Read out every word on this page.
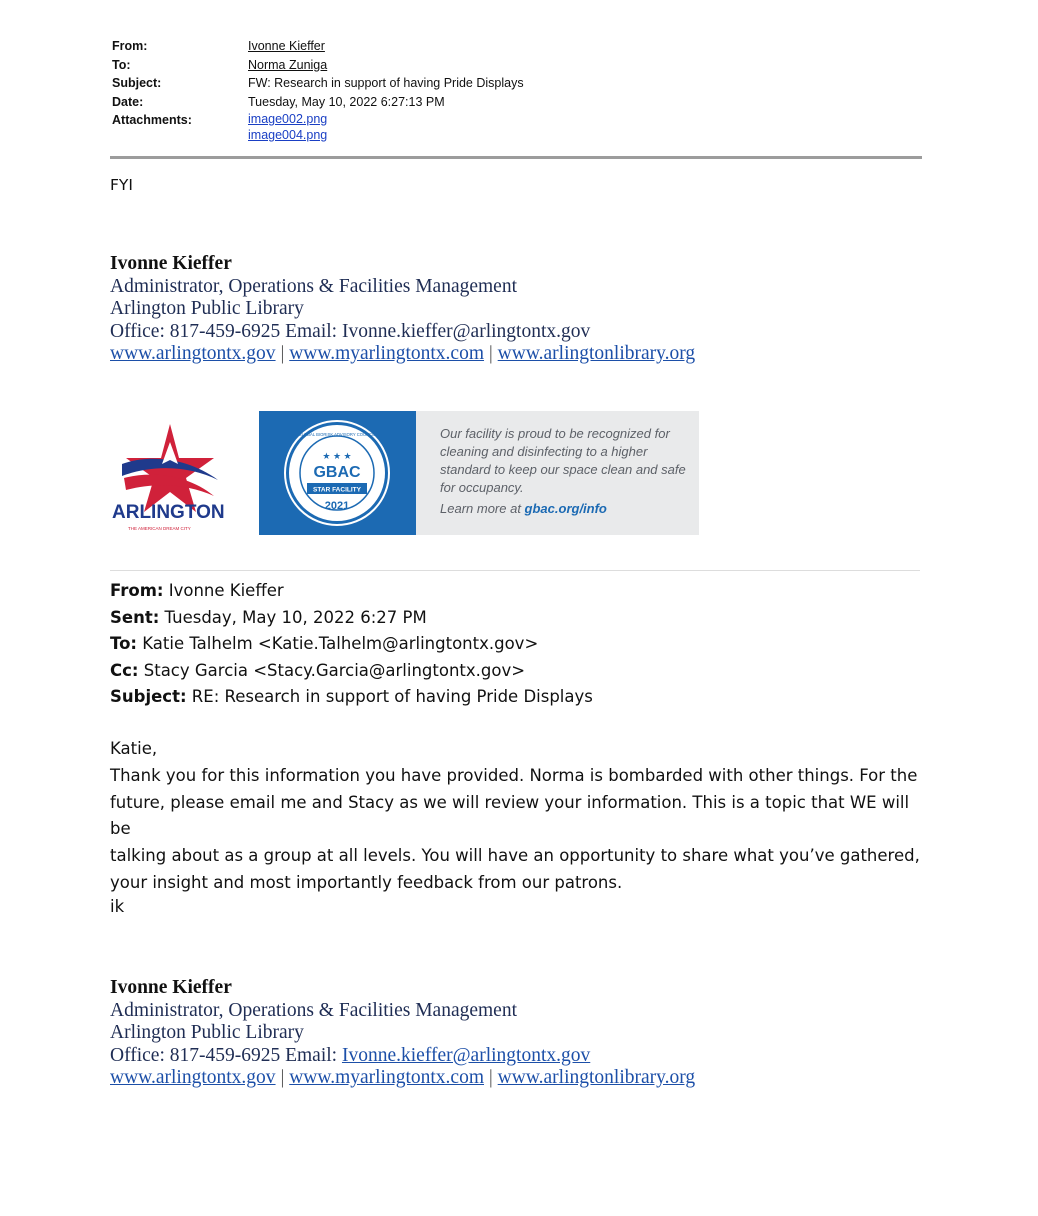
From:	Ivonne Kieffer
To:	Norma Zuniga
Subject:	FW: Research in support of having Pride Displays
Date:	Tuesday, May 10, 2022 6:27:13 PM
Attachments:	image002.png
image004.png
FYI
Ivonne Kieffer
Administrator, Operations & Facilities Management
Arlington Public Library
Office: 817-459-6925 Email: Ivonne.kieffer@arlingtontx.gov
www.arlingtontx.gov | www.myarlingtontx.com | www.arlingtonlibrary.org
ARLINGTON
THE AMERICAN DREAM CITY
★ ★ ★
GBAC
STAR FACILITY
2021
GLOBAL BIORISK ADVISORY COUNCIL	Our facility is proud to be recognized for cleaning and disinfecting to a higher standard to keep our space clean and safe for occupancy.
Learn more at gbac.org/info
From: Ivonne Kieffer
Sent: Tuesday, May 10, 2022 6:27 PM
To: Katie Talhelm <Katie.Talhelm@arlingtontx.gov>
Cc: Stacy Garcia <Stacy.Garcia@arlingtontx.gov>
Subject: RE: Research in support of having Pride Displays

Katie,

Thank you for this information you have provided. Norma is bombarded with other things. For the

future, please email me and Stacy as we will review your information. This is a topic that WE will be

talking about as a group at all levels. You will have an opportunity to share what you’ve gathered,

your insight and most importantly feedback from our patrons.

ik
Ivonne Kieffer
Administrator, Operations & Facilities Management
Arlington Public Library
Office: 817-459-6925 Email: Ivonne.kieffer@arlingtontx.gov
www.arlingtontx.gov | www.myarlingtontx.com | www.arlingtonlibrary.org
